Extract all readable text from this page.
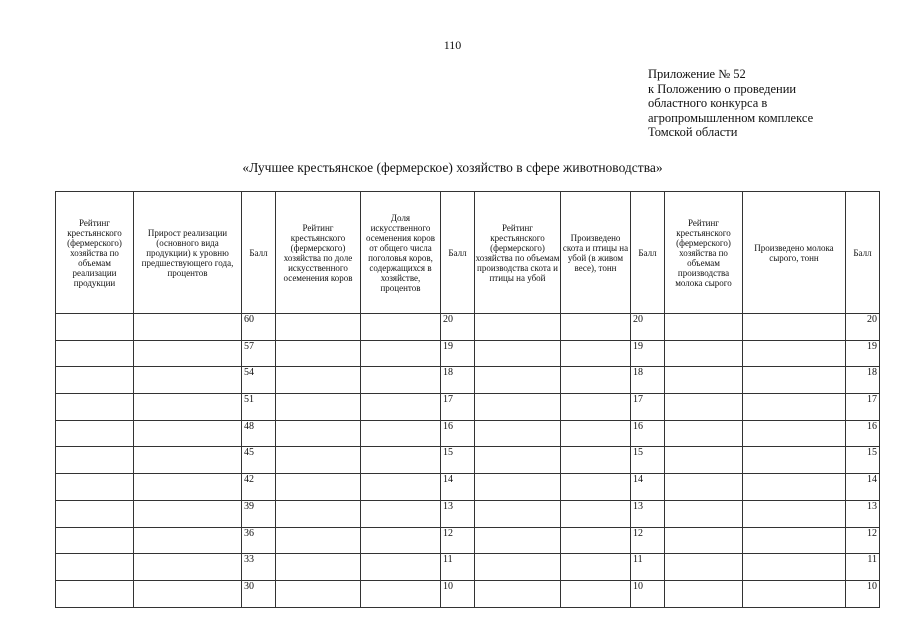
110
Приложение № 52
к Положению о проведении
областного конкурса в
агропромышленном комплексе
Томской области
«Лучшее крестьянское (фермерское) хозяйство в сфере животноводства»
Рейтинг крестьянского (фермерского) хозяйства по объемам реализации продукции	Прирост реализации (основного вида продукции) к уровню предшествующего года, процентов	Балл	Рейтинг крестьянского (фермерского) хозяйства по доле искусственного осеменения коров	Доля искусственного осеменения коров от общего числа поголовья коров, содержащихся в хозяйстве, процентов	Балл	Рейтинг крестьянского (фермерского) хозяйства по объемам производства скота и птицы на убой	Произведено скота и птицы на убой (в живом весе), тонн	Балл	Рейтинг крестьянского (фермерского) хозяйства по объемам производства молока сырого	Произведено молока сырого, тонн	Балл
		60			20			20			20
		57			19			19			19
		54			18			18			18
		51			17			17			17
		48			16			16			16
		45			15			15			15
		42			14			14			14
		39			13			13			13
		36			12			12			12
		33			11			11			11
		30			10			10			10
